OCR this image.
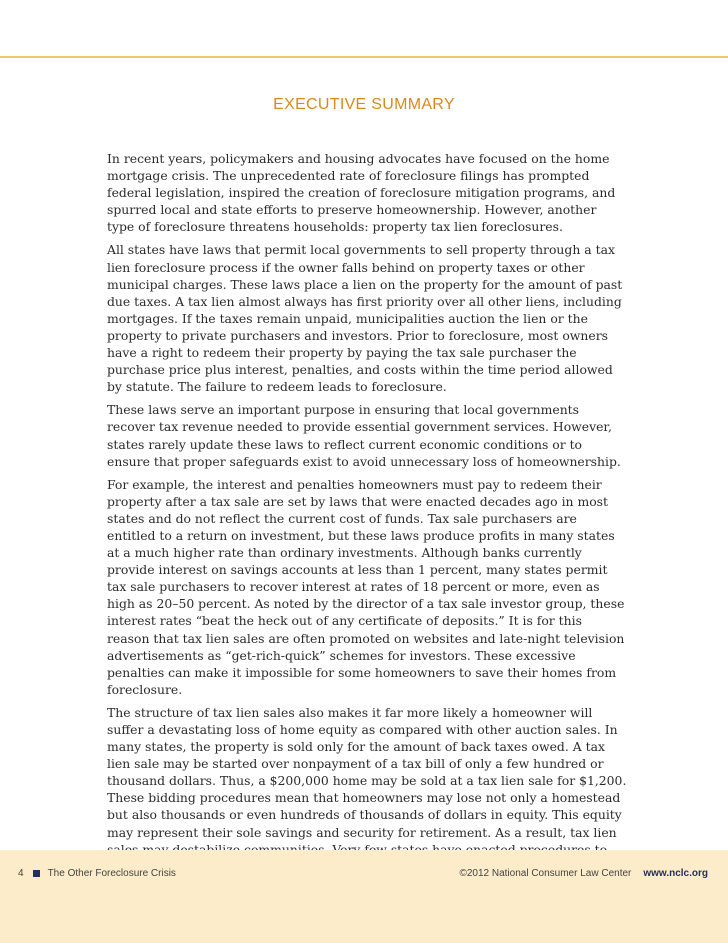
EXECUTIVE SUMMARY

In recent years, policymakers and housing advocates have focused on the home mortgage crisis. The unprecedented rate of foreclosure filings has prompted federal legislation, inspired the creation of foreclosure mitigation programs, and spurred local and state efforts to preserve homeownership. However, another type of foreclosure threatens households: property tax lien foreclosures.

All states have laws that permit local governments to sell property through a tax lien foreclosure process if the owner falls behind on property taxes or other municipal charges. These laws place a lien on the property for the amount of past due taxes. A tax lien almost always has first priority over all other liens, including mortgages. If the taxes remain unpaid, municipalities auction the lien or the property to private purchasers and investors. Prior to foreclosure, most owners have a right to redeem their property by paying the tax sale purchaser the purchase price plus interest, penalties, and costs within the time period allowed by statute. The failure to redeem leads to foreclosure.

These laws serve an important purpose in ensuring that local governments recover tax revenue needed to provide essential government services. However, states rarely update these laws to reflect current economic conditions or to ensure that proper safeguards exist to avoid unnecessary loss of homeownership.

For example, the interest and penalties homeowners must pay to redeem their property after a tax sale are set by laws that were enacted decades ago in most states and do not reflect the current cost of funds. Tax sale purchasers are entitled to a return on investment, but these laws produce profits in many states at a much higher rate than ordinary investments. Although banks currently provide interest on savings accounts at less than 1 percent, many states permit tax sale purchasers to recover interest at rates of 18 percent or more, even as high as 20–50 percent. As noted by the director of a tax sale investor group, these interest rates “beat the heck out of any certificate of deposits.” It is for this reason that tax lien sales are often promoted on websites and late-night television advertisements as “get-rich-quick” schemes for investors. These excessive penalties can make it impossible for some homeowners to save their homes from foreclosure.

The structure of tax lien sales also makes it far more likely a homeowner will suffer a devastating loss of home equity as compared with other auction sales. In many states, the property is sold only for the amount of back taxes owed. A tax lien sale may be started over nonpayment of a tax bill of only a few hundred or thousand dollars. Thus, a $200,000 home may be sold at a tax lien sale for $1,200. These bidding procedures mean that homeowners may lose not only a homestead but also thousands or even hundreds of thousands of dollars in equity. This equity may represent their sole savings and security for retirement. As a result, tax lien

4 The Other Foreclosure Crisis	©2012 National Consumer Law Center www.nclc.org
